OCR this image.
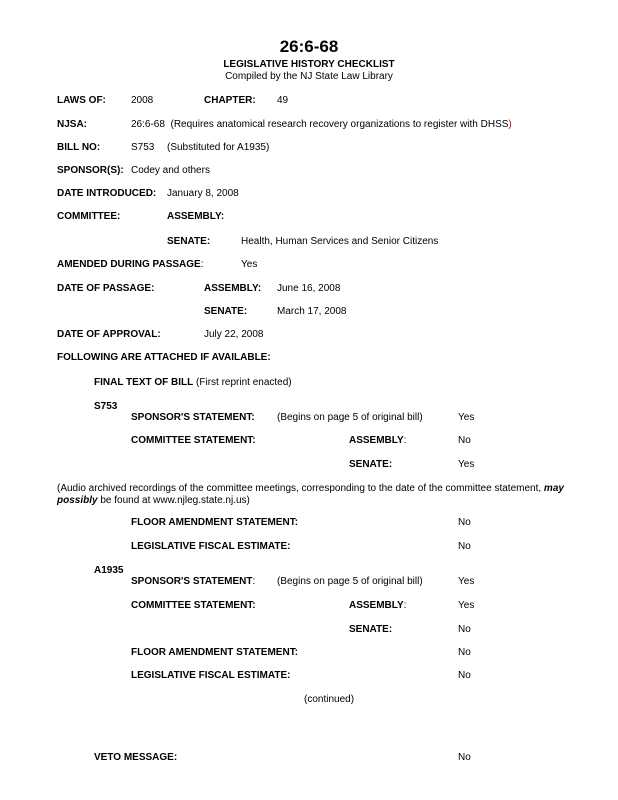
26:6-68
LEGISLATIVE HISTORY CHECKLIST
Compiled by the NJ State Law Library
LAWS OF:	2008	CHAPTER: 49
NJSA:	26:6-68 (Requires anatomical research recovery organizations to register with DHSS)
BILL NO:	S753 (Substituted for A1935)
SPONSOR(S): Codey and others
DATE INTRODUCED: January 8, 2008
COMMITTEE:	ASSEMBLY:
SENATE:	Health, Human Services and Senior Citizens
AMENDED DURING PASSAGE:	Yes
DATE OF PASSAGE:	ASSEMBLY: June 16, 2008
SENATE:	March 17, 2008
DATE OF APPROVAL:	July 22, 2008
FOLLOWING ARE ATTACHED IF AVAILABLE:
FINAL TEXT OF BILL (First reprint enacted)
S753
SPONSOR'S STATEMENT: (Begins on page 5 of original bill)	Yes
COMMITTEE STATEMENT:	ASSEMBLY:	No
SENATE:	Yes
(Audio archived recordings of the committee meetings, corresponding to the date of the committee statement, may possibly be found at www.njleg.state.nj.us)
FLOOR AMENDMENT STATEMENT:	No
LEGISLATIVE FISCAL ESTIMATE:	No
A1935
SPONSOR'S STATEMENT: (Begins on page 5 of original bill)	Yes
COMMITTEE STATEMENT:	ASSEMBLY:	Yes
SENATE:	No
FLOOR AMENDMENT STATEMENT:	No
LEGISLATIVE FISCAL ESTIMATE:	No
(continued)
VETO MESSAGE:	No
